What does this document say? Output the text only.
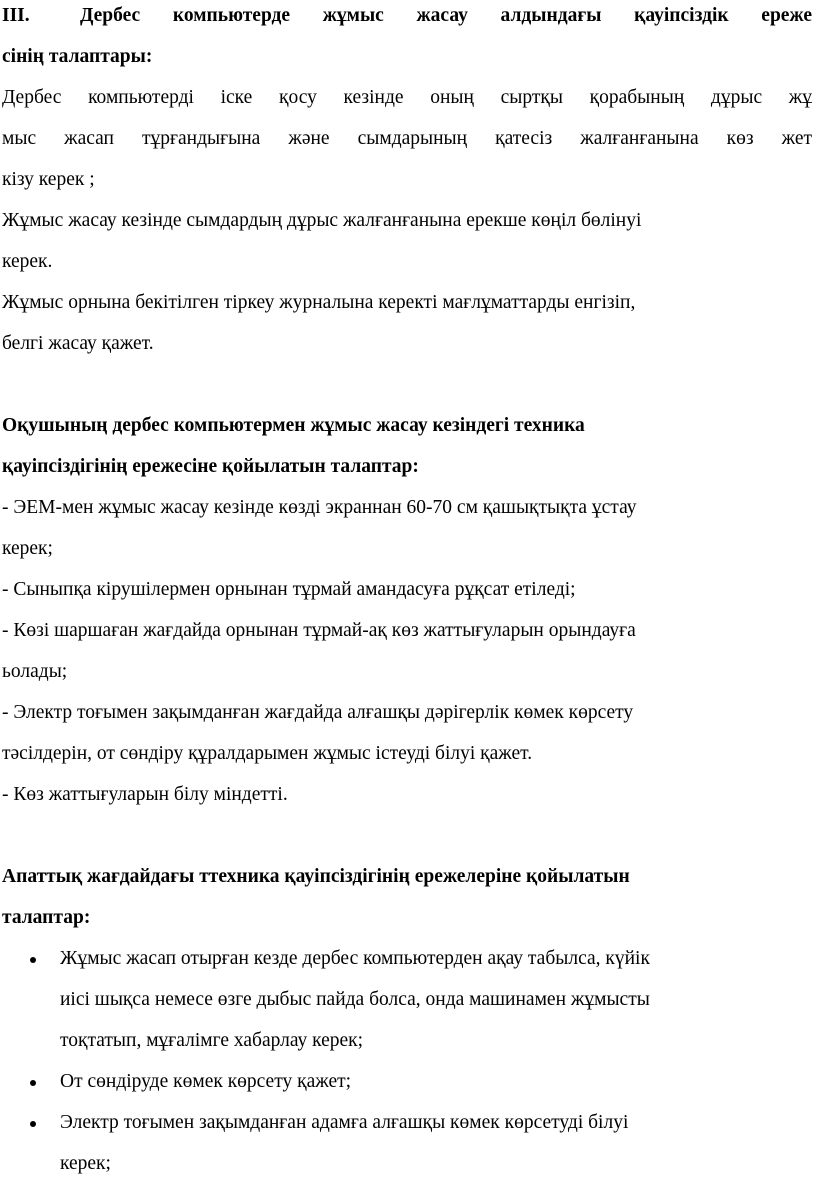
III.	Дербес компьютерде жұмыс жасау алдындағы қауіпсіздік ереже
сінің талаптары:
Дербес компьютерді іске қосу кезінде оның сыртқы қорабының дұрыс жұ
мыс жасап тұрғандығына және сымдарының қатесіз жалғанғанына көз жет
кізу керек ;
Жұмыс жасау кезінде сымдардың дұрыс жалғанғанына ерекше көңіл бөлінуі
керек.
Жұмыс орнына бекітілген тіркеу журналына керекті мағлұматтарды енгізіп,
белгі жасау қажет.
Оқушының дербес компьютермен жұмыс жасау кезіндегі техника
қауіпсіздігінің ережесіне қойылатын талаптар:
- ЭЕМ-мен жұмыс жасау кезінде көзді экраннан 60-70 см қашықтықта ұстау
керек;
- Сыныпқа кірушілермен орнынан тұрмай амандасуға рұқсат етіледі;
- Көзі шаршаған жағдайда орнынан тұрмай-ақ көз жаттығуларын орындауға
ьолады;
- Электр тоғымен зақымданған жағдайда алғашқы дәрігерлік көмек көрсету
тәсілдерін, от сөндіру құралдарымен жұмыс істеуді білуі қажет.
- Көз жаттығуларын білу міндетті.
Апаттық жағдайдағы ттехника қауіпсіздігінің ережелеріне қойылатын
талаптар:
Жұмыс жасап отырған кезде дербес компьютерден ақау табылса, күйік
иісі шықса немесе өзге дыбыс пайда болса, онда машинамен жұмысты
тоқтатып, мұғалімге хабарлау керек;
От сөндіруде көмек көрсету қажет;
Электр тоғымен зақымданған адамға алғашқы көмек көрсетуді білуі
керек;
